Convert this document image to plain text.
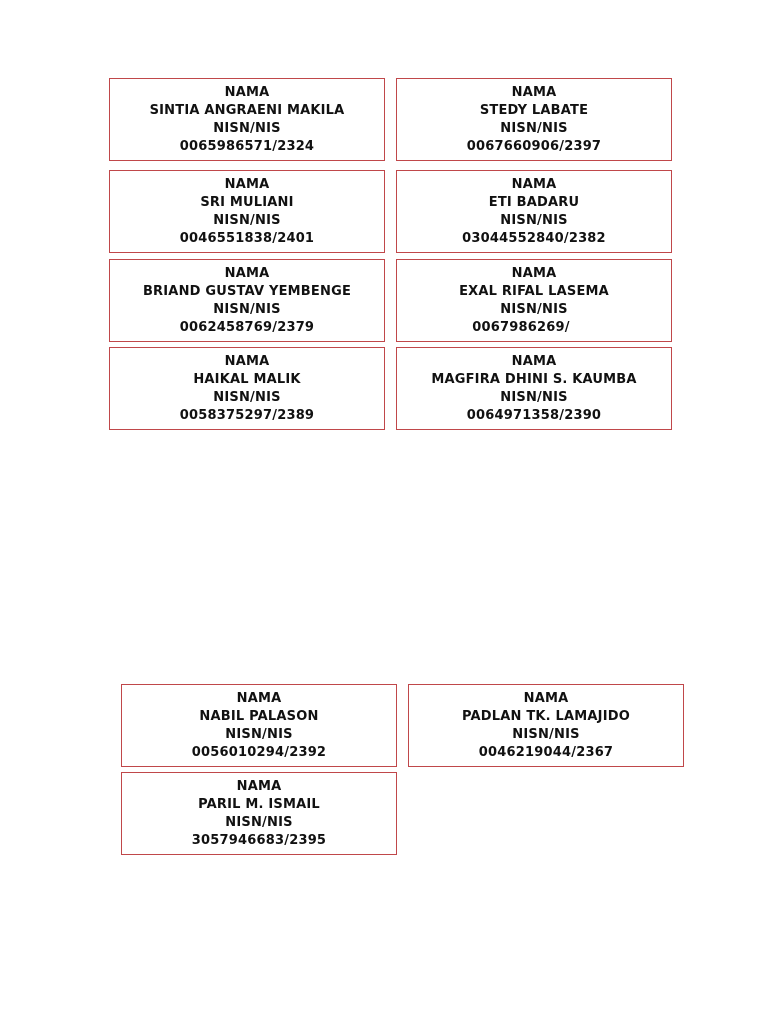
NAMA
SINTIA ANGRAENI MAKILA
NISN/NIS
0065986571/2324
NAMA
STEDY LABATE
NISN/NIS
0067660906/2397
NAMA
SRI MULIANI
NISN/NIS
0046551838/2401
NAMA
ETI BADARU
NISN/NIS
03044552840/2382
NAMA
BRIAND GUSTAV YEMBENGE
NISN/NIS
0062458769/2379
NAMA
EXAL RIFAL LASEMA
NISN/NIS
0067986269/
NAMA
HAIKAL MALIK
NISN/NIS
0058375297/2389
NAMA
MAGFIRA DHINI S. KAUMBA
NISN/NIS
0064971358/2390
NAMA
NABIL PALASON
NISN/NIS
0056010294/2392
NAMA
PADLAN TK. LAMAJIDO
NISN/NIS
0046219044/2367
NAMA
PARIL M. ISMAIL
NISN/NIS
3057946683/2395
